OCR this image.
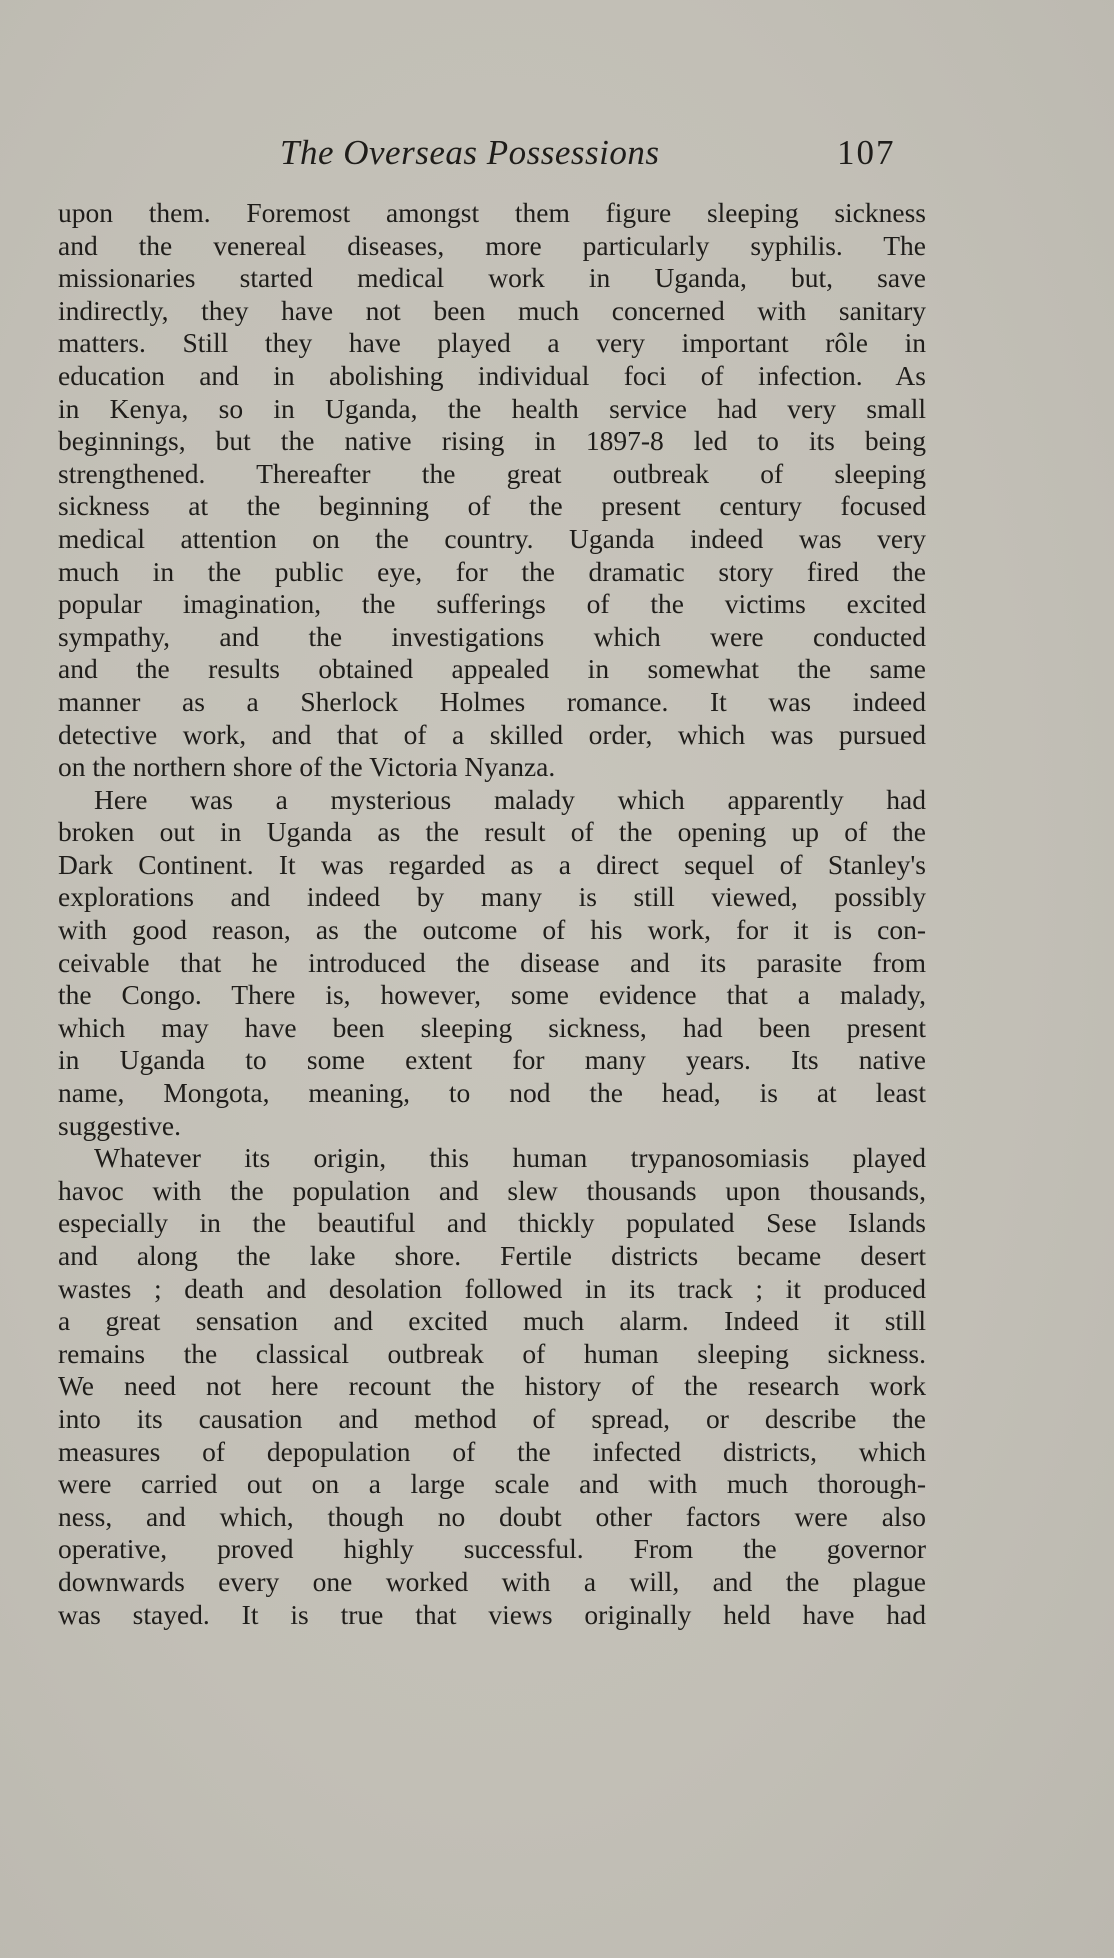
The Overseas Possessions	107

upon them. Foremost amongst them figure sleeping sickness
and the venereal diseases, more particularly syphilis. The
missionaries started medical work in Uganda, but, save
indirectly, they have not been much concerned with sanitary
matters. Still they have played a very important rôle in
education and in abolishing individual foci of infection. As
in Kenya, so in Uganda, the health service had very small
beginnings, but the native rising in 1897-8 led to its being
strengthened. Thereafter the great outbreak of sleeping
sickness at the beginning of the present century focused
medical attention on the country. Uganda indeed was very
much in the public eye, for the dramatic story fired the
popular imagination, the sufferings of the victims excited
sympathy, and the investigations which were conducted
and the results obtained appealed in somewhat the same
manner as a Sherlock Holmes romance. It was indeed
detective work, and that of a skilled order, which was pursued
on the northern shore of the Victoria Nyanza.

Here was a mysterious malady which apparently had
broken out in Uganda as the result of the opening up of the
Dark Continent. It was regarded as a direct sequel of Stanley's
explorations and indeed by many is still viewed, possibly
with good reason, as the outcome of his work, for it is con-
ceivable that he introduced the disease and its parasite from
the Congo. There is, however, some evidence that a malady,
which may have been sleeping sickness, had been present
in Uganda to some extent for many years. Its native
name, Mongota, meaning, to nod the head, is at least
suggestive.

Whatever its origin, this human trypanosomiasis played
havoc with the population and slew thousands upon thousands,
especially in the beautiful and thickly populated Sese Islands
and along the lake shore. Fertile districts became desert
wastes ; death and desolation followed in its track ; it produced
a great sensation and excited much alarm. Indeed it still
remains the classical outbreak of human sleeping sickness.
We need not here recount the history of the research work
into its causation and method of spread, or describe the
measures of depopulation of the infected districts, which
were carried out on a large scale and with much thorough-
ness, and which, though no doubt other factors were also
operative, proved highly successful. From the governor
downwards every one worked with a will, and the plague
was stayed. It is true that views originally held have had
